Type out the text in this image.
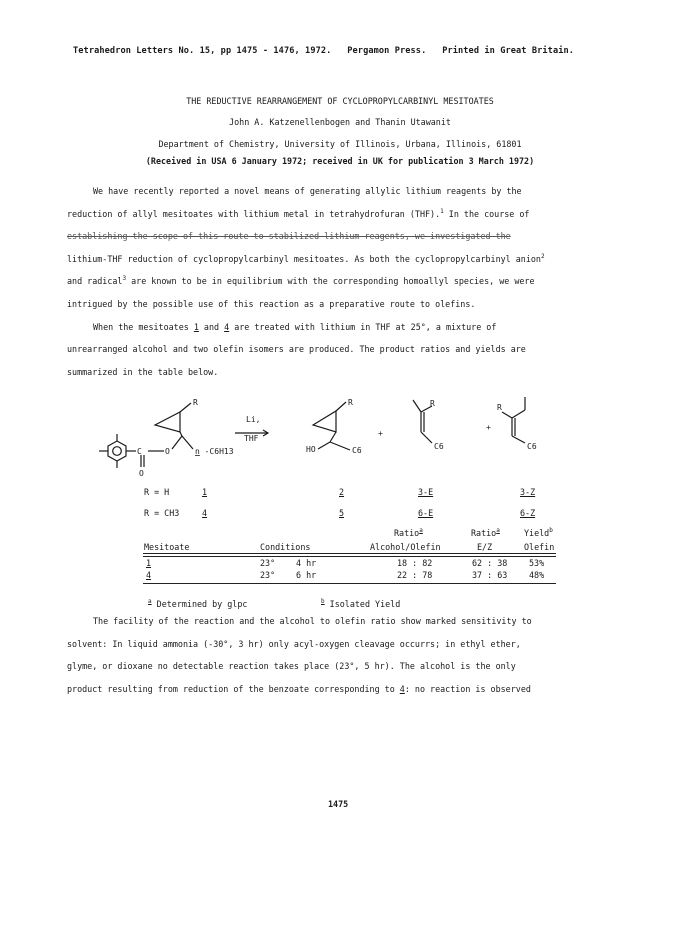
Tetrahedron Letters No. 15, pp 1475 - 1476, 1972. Pergamon Press. Printed in Great Britain.
THE REDUCTIVE REARRANGEMENT OF CYCLOPROPYLCARBINYL MESITOATES
John A. Katzenellenbogen and Thanin Utawanit
Department of Chemistry, University of Illinois, Urbana, Illinois, 61801
(Received in USA 6 January 1972; received in UK for publication 3 March 1972)
We have recently reported a novel means of generating allylic lithium reagents by the
reduction of allyl mesitoates with lithium metal in tetrahydrofuran (THF).$^1$ In the course of
establishing the scope of this route to stabilized lithium reagents, we investigated the
lithium-THF reduction of cyclopropylcarbinyl mesitoates. As both the cyclopropylcarbinyl anion$^2$
and radical$^3$ are known to be in equilibrium with the corresponding homoallyl species, we were
intrigued by the possible use of this reaction as a preparative route to olefins.
When the mesitoates 1 and 4 are treated with lithium in THF at 25°, a mixture of
unrearranged alcohol and two olefin isomers are produced. The product ratios and yields are
summarized in the table below.
R
C	O
O
n -C6H13
Li,
THF
R
HO	C6
+
R
C6
+
R
C6
R = H	1	2	3-E	3-Z
R = CH3	4	5	6-E	6-Z
Ratio$^a$	Ratio$^a$	Yield$^b$
Mesitoate	Conditions	Alcohol/Olefin	E/Z	Olefin
1	23° 4 hr	18 : 82	62 : 38	53%
4	23° 6 hr	22 : 78	37 : 63	48%
$^a$ Determined by glpc	$^b$ Isolated Yield
The facility of the reaction and the alcohol to olefin ratio show marked sensitivity to
solvent: In liquid ammonia (-30°, 3 hr) only acyl-oxygen cleavage occurrs; in ethyl ether,
glyme, or dioxane no detectable reaction takes place (23°, 5 hr). The alcohol is the only
product resulting from reduction of the benzoate corresponding to 4: no reaction is observed
1475
